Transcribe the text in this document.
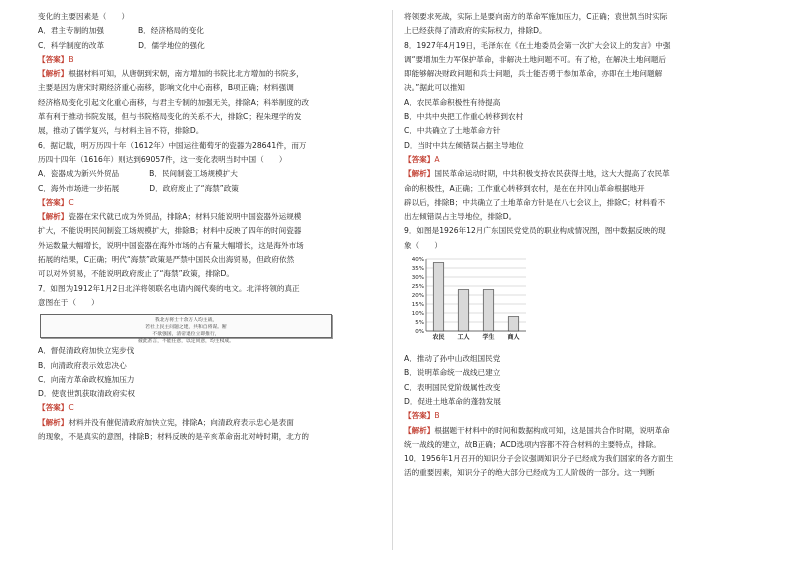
变化的主要因素是（　　）
A．君主专制的加强	B．经济格局的变化
C．科学制度的改革	D．儒学地位的强化
【答案】B
【解析】根据材料可知，从唐朝到宋朝，南方增加的书院比北方增加的书院多，
主要是因为唐宋时期经济重心南移，影响文化中心南移，B项正确；材料强调
经济格局变化引起文化重心南移，与君主专制的加强无关，排除A；科举制度的改
革有利于推动书院发展，但与书院格局变化的关系不大，排除C；程朱理学的发
展，推动了儒学复兴，与材料主旨不符，排除D。
6．据记载，明万历四十年（1612年）中国运往葡萄牙的瓷器为28641件，而万
历四十四年（1616年）则达到69057件，这一变化表明当时中国（　　）
A．瓷器成为新兴外贸品	B．民间制瓷工场规模扩大
C．海外市场进一步拓展	D．政府废止了“海禁”政策
【答案】C
【解析】瓷器在宋代就已成为外贸品，排除A；材料只能说明中国瓷器外运规模
扩大，不能说明民间制瓷工场规模扩大，排除B；材料中反映了四年的时间瓷器
外运数量大幅增长，说明中国瓷器在海外市场的占有量大幅增长，这是海外市场
拓展的结果，C正确；明代“海禁”政策是严禁中国民众出海贸易，但政府依然
可以对外贸易，不能说明政府废止了“海禁”政策，排除D。
7．如图为1912年1月2日北洋将领联名电请内阁代奏的电文。北洋将领的真正
意图在于（　　）
我北方将士十余万人均主战，
若社上民主问题之建，共和自将谋。断
不欲强国，清帝退位立即推行，
彼此甚言，不能任意，以定同意，均主权成。
A．督促清政府加快立宪步伐
B．向清政府表示效忠决心
C．向南方革命政权施加压力
D．使袁世凯获取清政府实权
【答案】C
【解析】材料并没有催促清政府加快立宪，排除A；向清政府表示忠心是表面
的现象，不是真实的意图，排除B；材料反映的是辛亥革命南北对峙时期，北方的
将领要求死战，实际上是要向南方的革命军施加压力，C正确；袁世凯当时实际
上已经获得了清政府的实际权力，排除D。
8．1927年4月19日，毛泽东在《在土地委员会第一次扩大会议上的发言》中强
调“要增加生力军保护革命，非解决土地问题不可。有了枪，在解决土地问题后
即能够解决财政问题和兵士问题，兵士能否勇于参加革命，亦即在土地问题解
决。”据此可以推知
A．农民革命积极性有待提高
B．中共中央把工作重心转移到农村
C．中共确立了土地革命方针
D．当时中共左倾错误占据主导地位
【答案】A
【解析】国民革命运动时期，中共积极支持农民获得土地，这大大提高了农民革
命的积极性，A正确；工作重心转移到农村，是在在井冈山革命根据地开
辟以后，排除B；中共确立了土地革命方针是在八七会议上，排除C；材料看不
出左倾错误占主导地位，排除D。
9．如图是1926年12月广东国民党党员的职业构成情况图，图中数据反映的现
象（　　）
0%
5%
10%
15%
20%
25%
30%
35%
40%
农民 工人 学生 商人
A．推动了孙中山改组国民党
B．说明革命统一战线已建立
C．表明国民党阶级属性改变
D．促进土地革命的蓬勃发展
【答案】B
【解析】根据题干材料中的时间和数据构成可知，这是国共合作时期，说明革命
统一战线的建立，故B正确；ACD选项内容都不符合材料的主要特点，排除。
10．1956年1月召开的知识分子会议强调知识分子已经成为我们国家的各方面生
活的重要因素，知识分子的绝大部分已经成为工人阶级的一部分。这一判断
